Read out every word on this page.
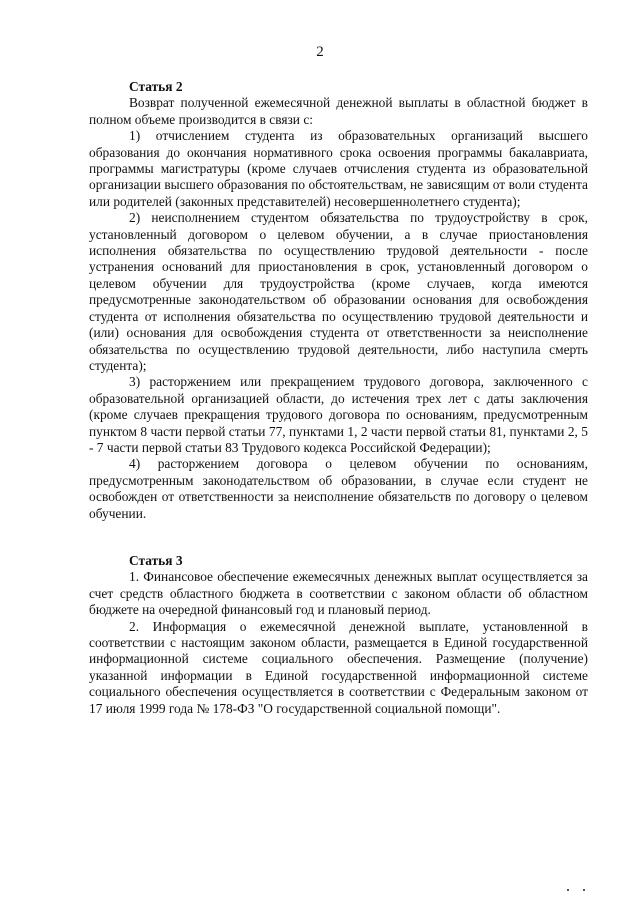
2

Статья 2

Возврат полученной ежемесячной денежной выплаты в областной бюджет в полном объеме производится в связи с:

1) отчислением студента из образовательных организаций высшего образования до окончания нормативного срока освоения программы бакалавриата, программы магистратуры (кроме случаев отчисления студента из образовательной организации высшего образования по обстоятельствам, не зависящим от воли студента или родителей (законных представителей) несовершеннолетнего студента);

2) неисполнением студентом обязательства по трудоустройству в срок, установленный договором о целевом обучении, а в случае приостановления исполнения обязательства по осуществлению трудовой деятельности - после устранения оснований для приостановления в срок, установленный договором о целевом обучении для трудоустройства (кроме случаев, когда имеются предусмотренные законодательством об образовании основания для освобождения студента от исполнения обязательства по осуществлению трудовой деятельности и (или) основания для освобождения студента от ответственности за неисполнение обязательства по осуществлению трудовой деятельности, либо наступила смерть студента);

3) расторжением или прекращением трудового договора, заключенного с образовательной организацией области, до истечения трех лет с даты заключения (кроме случаев прекращения трудового договора по основаниям, предусмотренным пунктом 8 части первой статьи 77, пунктами 1, 2 части первой статьи 81, пунктами 2, 5 - 7 части первой статьи 83 Трудового кодекса Российской Федерации);

4) расторжением договора о целевом обучении по основаниям, предусмотренным законодательством об образовании, в случае если студент не освобожден от ответственности за неисполнение обязательств по договору о целевом обучении.

Статья 3

1. Финансовое обеспечение ежемесячных денежных выплат осуществляется за счет средств областного бюджета в соответствии с законом области об областном бюджете на очередной финансовый год и плановый период.

2. Информация о ежемесячной денежной выплате, установленной в соответствии с настоящим законом области, размещается в Единой государственной информационной системе социального обеспечения. Размещение (получение) указанной информации в Единой государственной информационной системе социального обеспечения осуществляется в соответствии с Федеральным законом от 17 июля 1999 года № 178-ФЗ "О государственной социальной помощи".
